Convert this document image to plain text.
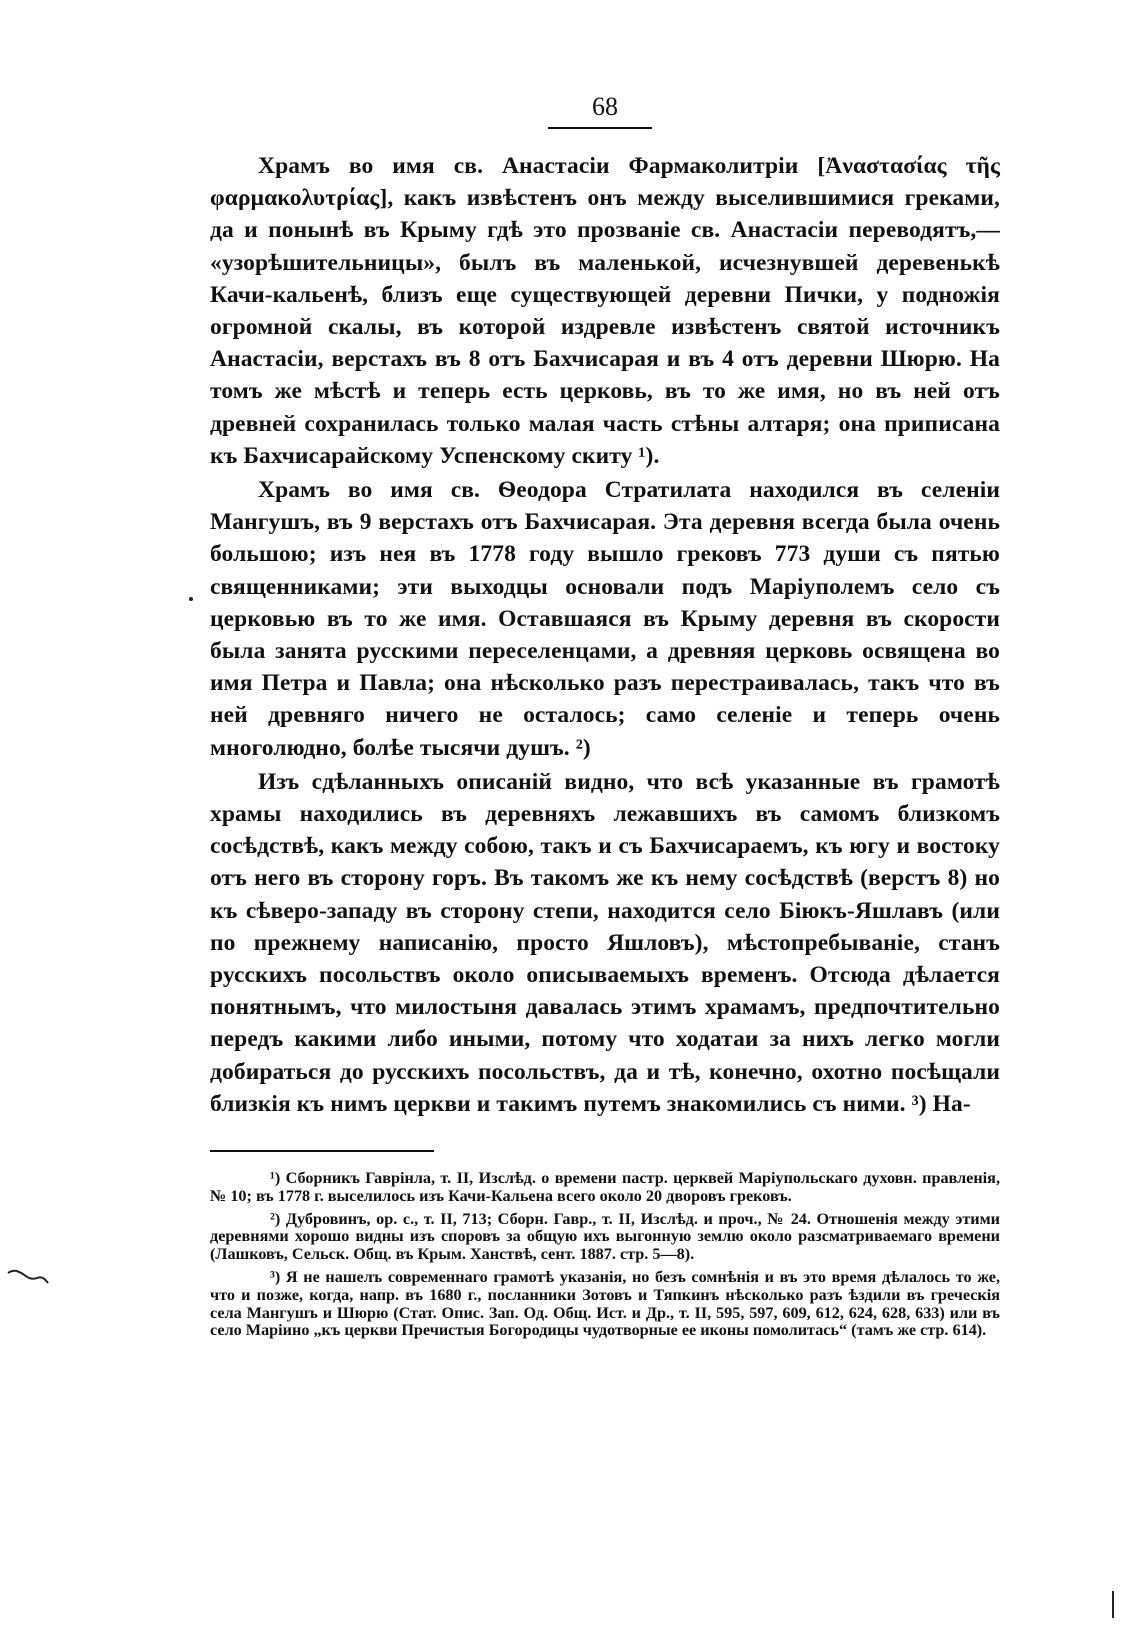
68

Храмъ во имя св. Анастасіи Фармаколитріи [Ἀναστασίας τῆς φαρμακολυτρίας], какъ извѣстенъ онъ между выселившимися греками, да и понынѣ въ Крыму гдѣ это прозваніе св. Анастасіи переводятъ,— «узорѣшительницы», былъ въ маленькой, исчезнувшей деревенькѣ Качи-кальенѣ, близъ еще существующей деревни Пички, у подножія огромной скалы, въ которой издревле извѣстенъ святой источникъ Анастасіи, верстахъ въ 8 отъ Бахчисарая и въ 4 отъ деревни Шюрю. На томъ же мѣстѣ и теперь есть церковь, въ то же имя, но въ ней отъ древней сохранилась только малая часть стѣны алтаря; она приписана къ Бахчисарайскому Успенскому скиту ¹).

Храмъ во имя св. Ѳеодора Стратилата находился въ селеніи Мангушъ, въ 9 верстахъ отъ Бахчисарая. Эта деревня всегда была очень большою; изъ нея въ 1778 году вышло грековъ 773 души съ пятью священниками; эти выходцы основали подъ Маріуполемъ село съ церковью въ то же имя. Оставшаяся въ Крыму деревня въ скорости была занята русскими переселенцами, а древняя церковь освящена во имя Петра и Павла; она нѣсколько разъ перестраивалась, такъ что въ ней древняго ничего не осталось; само селеніе и теперь очень многолюдно, болѣе тысячи душъ. ²)

Изъ сдѣланныхъ описаній видно, что всѣ указанные въ грамотѣ храмы находились въ деревняхъ лежавшихъ въ самомъ близкомъ сосѣдствѣ, какъ между собою, такъ и съ Бахчисараемъ, къ югу и востоку отъ него въ сторону горъ. Въ такомъ же къ нему сосѣдствѣ (верстъ 8) но къ сѣверо-западу въ сторону степи, находится село Біюкъ-Яшлавъ (или по прежнему написанію, просто Яшловъ), мѣстопребываніе, станъ русскихъ посольствъ около описываемыхъ временъ. Отсюда дѣлается понятнымъ, что милостыня давалась этимъ храмамъ, предпочтительно передъ какими либо иными, потому что ходатаи за нихъ легко могли добираться до русскихъ посольствъ, да и тѣ, конечно, охотно посѣщали близкія къ нимъ церкви и такимъ путемъ знакомились съ ними. ³) На-

¹) Сборникъ Гаврінла, т. II, Изслѣд. о времени пастр. церквей Маріупольскаго духовн. правленія, № 10; въ 1778 г. выселилось изъ Качи-Кальена всего около 20 дворовъ грековъ.

²) Дубровинъ, ор. с., т. II, 713; Сборн. Гавр., т. II, Изслѣд. и проч., № 24. Отношенія между этими деревнями хорошо видны изъ споровъ за общую ихъ выгонную землю около разсматриваемаго времени (Лашковъ, Сельск. Общ. въ Крым. Ханствѣ, сент. 1887. стр. 5—8).

³) Я не нашелъ современнаго грамотѣ указанія, но безъ сомнѣнія и въ это время дѣлалось то же, что и позже, когда, напр. въ 1680 г., посланники Зотовъ и Тяпкинъ нѣсколько разъ ѣздили въ греческія села Мангушъ и Шюрю (Стат. Опис. Зап. Од. Общ. Ист. и Др., т. II, 595, 597, 609, 612, 624, 628, 633) или въ село Маріино „къ церкви Пречистыя Богородицы чудотворные ее иконы помолитась“ (тамъ же стр. 614).
